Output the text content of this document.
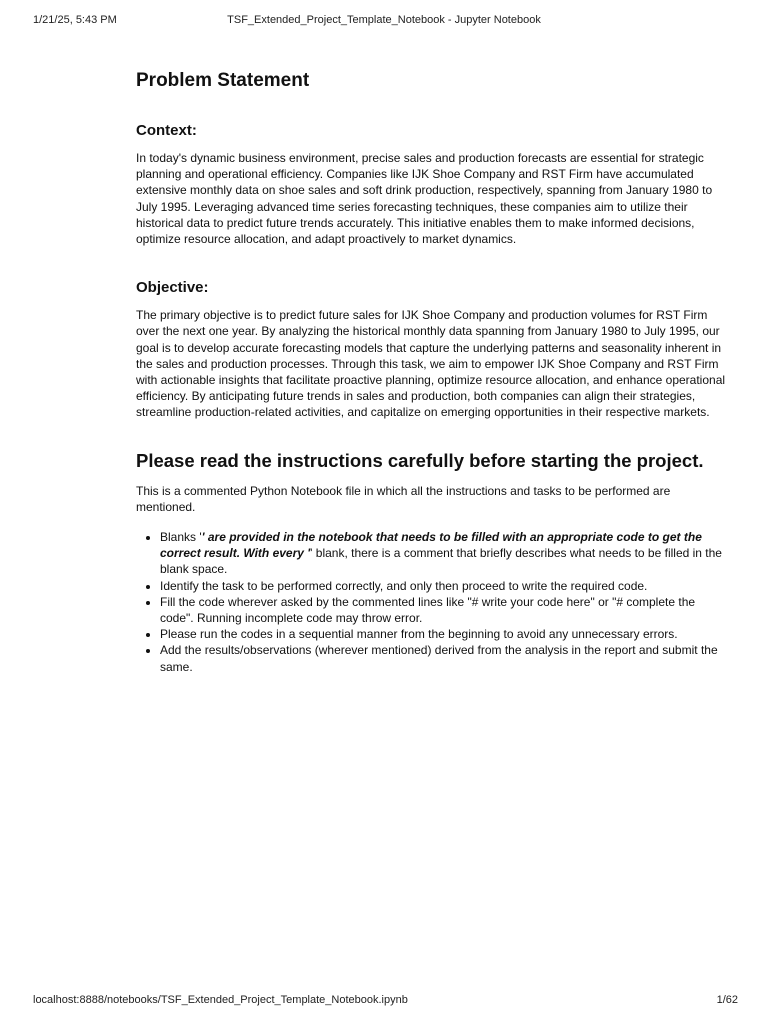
TSF_Extended_Project_Template_Notebook - Jupyter Notebook
1/21/25, 5:43 PM
Problem Statement
Context:

In today's dynamic business environment, precise sales and production forecasts are essential for strategic planning and operational efficiency. Companies like IJK Shoe Company and RST Firm have accumulated extensive monthly data on shoe sales and soft drink production, respectively, spanning from January 1980 to July 1995. Leveraging advanced time series forecasting techniques, these companies aim to utilize their historical data to predict future trends accurately. This initiative enables them to make informed decisions, optimize resource allocation, and adapt proactively to market dynamics.

Objective:

The primary objective is to predict future sales for IJK Shoe Company and production volumes for RST Firm over the next one year. By analyzing the historical monthly data spanning from January 1980 to July 1995, our goal is to develop accurate forecasting models that capture the underlying patterns and seasonality inherent in the sales and production processes. Through this task, we aim to empower IJK Shoe Company and RST Firm with actionable insights that facilitate proactive planning, optimize resource allocation, and enhance operational efficiency. By anticipating future trends in sales and production, both companies can align their strategies, streamline production-related activities, and capitalize on emerging opportunities in their respective markets.

Please read the instructions carefully before starting the project.

This is a commented Python Notebook file in which all the instructions and tasks to be performed are mentioned.

• Blanks '' are provided in the notebook that needs to be filled with an appropriate code to get the correct result. With every '' blank, there is a comment that briefly describes what needs to be filled in the blank space.
• Identify the task to be performed correctly, and only then proceed to write the required code.
• Fill the code wherever asked by the commented lines like "# write your code here" or "# complete the code". Running incomplete code may throw error.
• Please run the codes in a sequential manner from the beginning to avoid any unnecessary errors.
• Add the results/observations (wherever mentioned) derived from the analysis in the report and submit the same.
localhost:8888/notebooks/TSF_Extended_Project_Template_Notebook.ipynb	1/62
